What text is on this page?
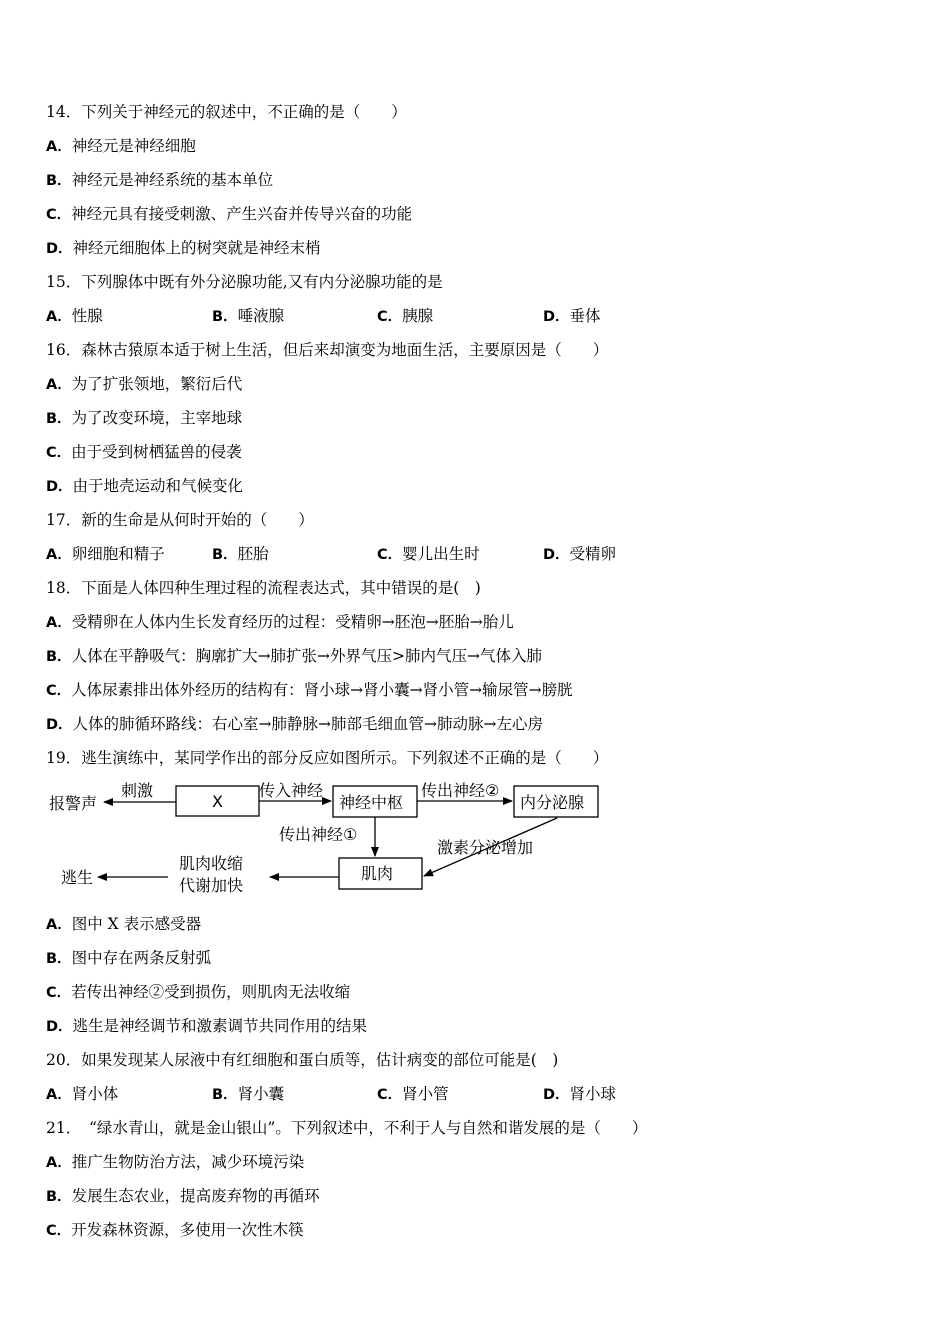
14．下列关于神经元的叙述中，不正确的是（　　）
A．神经元是神经细胞
B．神经元是神经系统的基本单位
C．神经元具有接受刺激、产生兴奋并传导兴奋的功能
D．神经元细胞体上的树突就是神经末梢
15．下列腺体中既有外分泌腺功能,又有内分泌腺功能的是
A．性腺	B．唾液腺	C．胰腺	D．垂体
16．森林古猿原本适于树上生活，但后来却演变为地面生活，主要原因是（　　）
A．为了扩张领地，繁衍后代
B．为了改变环境，主宰地球
C．由于受到树栖猛兽的侵袭
D．由于地壳运动和气候变化
17．新的生命是从何时开始的（　　）
A．卵细胞和精子	B．胚胎	C．婴儿出生时	D．受精卵
18．下面是人体四种生理过程的流程表达式，其中错误的是(　)
A．受精卵在人体内生长发育经历的过程：受精卵→胚泡→胚胎→胎儿
B．人体在平静吸气：胸廓扩大→肺扩张→外界气压>肺内气压→气体入肺
C．人体尿素排出体外经历的结构有：肾小球→肾小囊→肾小管→输尿管→膀胱
D．人体的肺循环路线：右心室→肺静脉→肺部毛细血管→肺动脉→左心房
19．逃生演练中，某同学作出的部分反应如图所示。下列叙述不正确的是（　　）
报警声
刺激
X
传入神经
神经中枢
传出神经②
内分泌腺
传出神经①
激素分泌增加
肌肉
肌肉收缩
代谢加快
逃生
A．图中 X 表示感受器
B．图中存在两条反射弧
C．若传出神经②受到损伤，则肌肉无法收缩
D．逃生是神经调节和激素调节共同作用的结果
20．如果发现某人尿液中有红细胞和蛋白质等，估计病变的部位可能是(　)
A．肾小体	B．肾小囊	C．肾小管	D．肾小球
21．　“绿水青山，就是金山银山”。下列叙述中，不利于人与自然和谐发展的是（　　）
A．推广生物防治方法，减少环境污染
B．发展生态农业，提高废弃物的再循环
C．开发森林资源，多使用一次性木筷
